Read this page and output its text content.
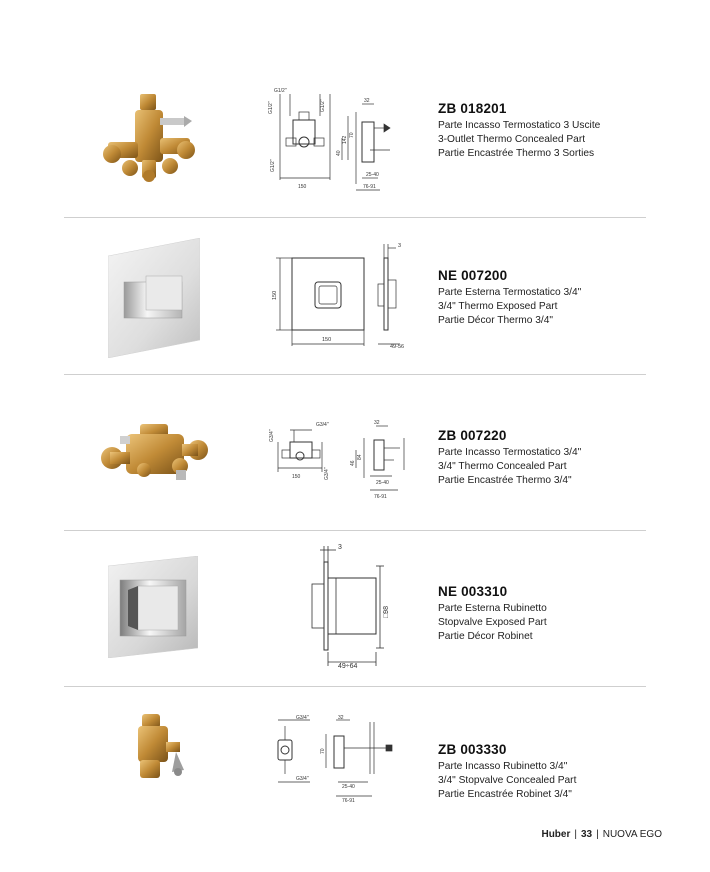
G1/2"
G1/2"	G1/2"
G1/2"
150
142
70
40
32
25-40
76-91
ZB 018201
Parte Incasso Termostatico 3 Uscite
3-Outlet Thermo Concealed Part
Partie Encastrée Thermo 3 Sorties
150
150
3
49-56
NE 007200
Parte Esterna Termostatico 3/4"
3/4" Thermo Exposed Part
Partie Décor Thermo 3/4"
G3/4"
G3/4"
G3/4"
150
84
46
32
25-40
76-91
ZB 007220
Parte Incasso Termostatico 3/4"
3/4" Thermo Concealed Part
Partie Encastrée Thermo 3/4"
3
□98
49÷64
NE 003310
Parte Esterna Rubinetto
Stopvalve Exposed Part
Partie Décor Robinet
G3/4"
G3/4"
70
32
25-40
76-91
ZB 003330
Parte Incasso Rubinetto 3/4"
3/4" Stopvalve Concealed Part
Partie Encastrée Robinet 3/4"
Huber | 33 | NUOVA EGO
